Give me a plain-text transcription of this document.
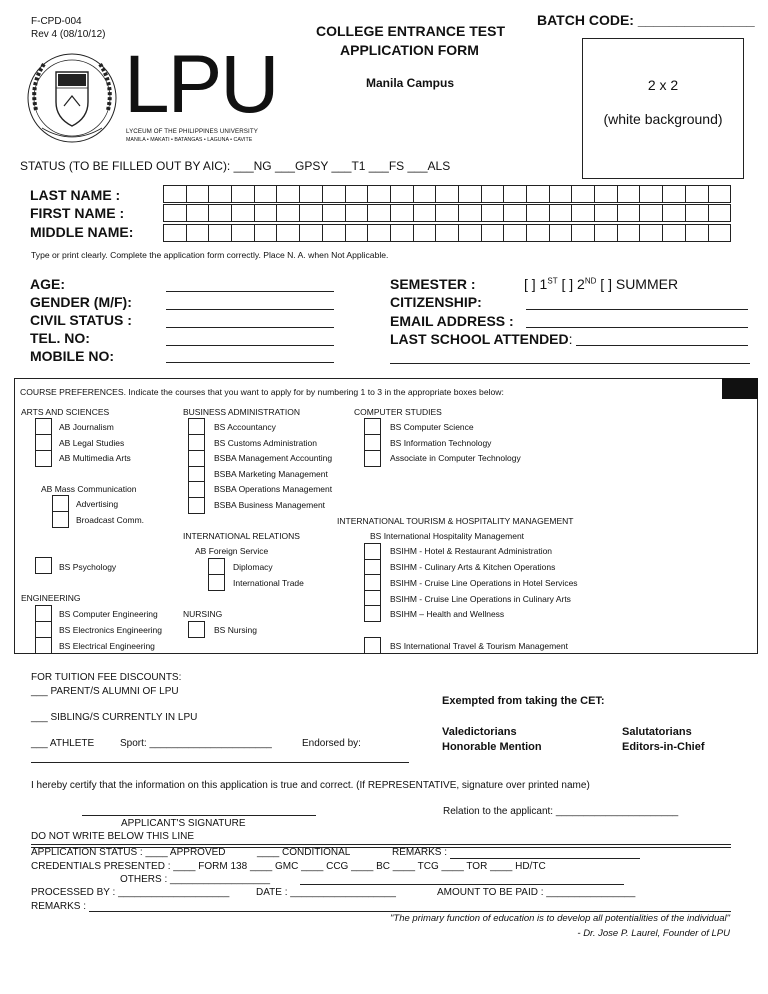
F-CPD-004
Rev 4 (08/10/12)
LPU
LYCEUM OF THE PHILIPPINES UNIVERSITY
MANILA • MAKATI • BATANGAS • LAGUNA • CAVITE
COLLEGE ENTRANCE TEST
APPLICATION FORM
Manila Campus
BATCH CODE: _______________
2 x 2
(white background)
STATUS (TO BE FILLED OUT BY AIC): ___NG ___GPSY ___T1 ___FS ___ALS
LAST NAME :
FIRST NAME :
MIDDLE NAME:
Type or print clearly. Complete the application form correctly. Place N. A. when Not Applicable.
AGE:
GENDER (M/F):
CIVIL STATUS :
TEL. NO:
MOBILE NO:
SEMESTER :	[ ] 1ST [ ] 2ND [ ] SUMMER
CITIZENSHIP:
EMAIL ADDRESS :
LAST SCHOOL ATTENDED:
COURSE PREFERENCES. Indicate the courses that you want to apply for by numbering 1 to 3 in the appropriate boxes below:
ARTS AND SCIENCES
AB Journalism
AB Legal Studies
AB Multimedia Arts
AB Mass Communication
Advertising
Broadcast Comm.
BS Psychology
ENGINEERING
BS Computer Engineering
BS Electronics Engineering
BS Electrical Engineering
BUSINESS ADMINISTRATION
BS Accountancy
BS Customs Administration
BSBA Management Accounting
BSBA Marketing Management
BSBA Operations Management
BSBA Business Management
INTERNATIONAL RELATIONS
AB Foreign Service
Diplomacy
International Trade
NURSING
BS Nursing
COMPUTER STUDIES
BS Computer Science
BS Information Technology
Associate in Computer Technology
INTERNATIONAL TOURISM & HOSPITALITY MANAGEMENT
BS International Hospitality Management
BSIHM - Hotel & Restaurant Administration
BSIHM - Culinary Arts & Kitchen Operations
BSIHM - Cruise Line Operations in Hotel Services
BSIHM - Cruise Line Operations in Culinary Arts
BSIHM – Health and Wellness
BS International Travel & Tourism Management
FOR TUITION FEE DISCOUNTS:
___ PARENT/S ALUMNI OF LPU
___ SIBLING/S CURRENTLY IN LPU
___ ATHLETE	Sport: ______________________	Endorsed by:
Exempted from taking the CET:
Valedictorians
Honorable Mention
Salutatorians
Editors-in-Chief
I hereby certify that the information on this application is true and correct. (If REPRESENTATIVE, signature over printed name)
APPLICANT'S SIGNATURE
Relation to the applicant: ______________________
DO NOT WRITE BELOW THIS LINE
APPLICATION STATUS : ____ APPROVED	____ CONDITIONAL	REMARKS :
CREDENTIALS PRESENTED : ____ FORM 138 ____ GMC ____ CCG ____ BC ____ TCG ____ TOR ____ HD/TC
OTHERS : __________________
PROCESSED BY : ____________________	DATE : ___________________	AMOUNT TO BE PAID : ________________
REMARKS :
"The primary function of education is to develop all potentialities of the individual"
- Dr. Jose P. Laurel, Founder of LPU
